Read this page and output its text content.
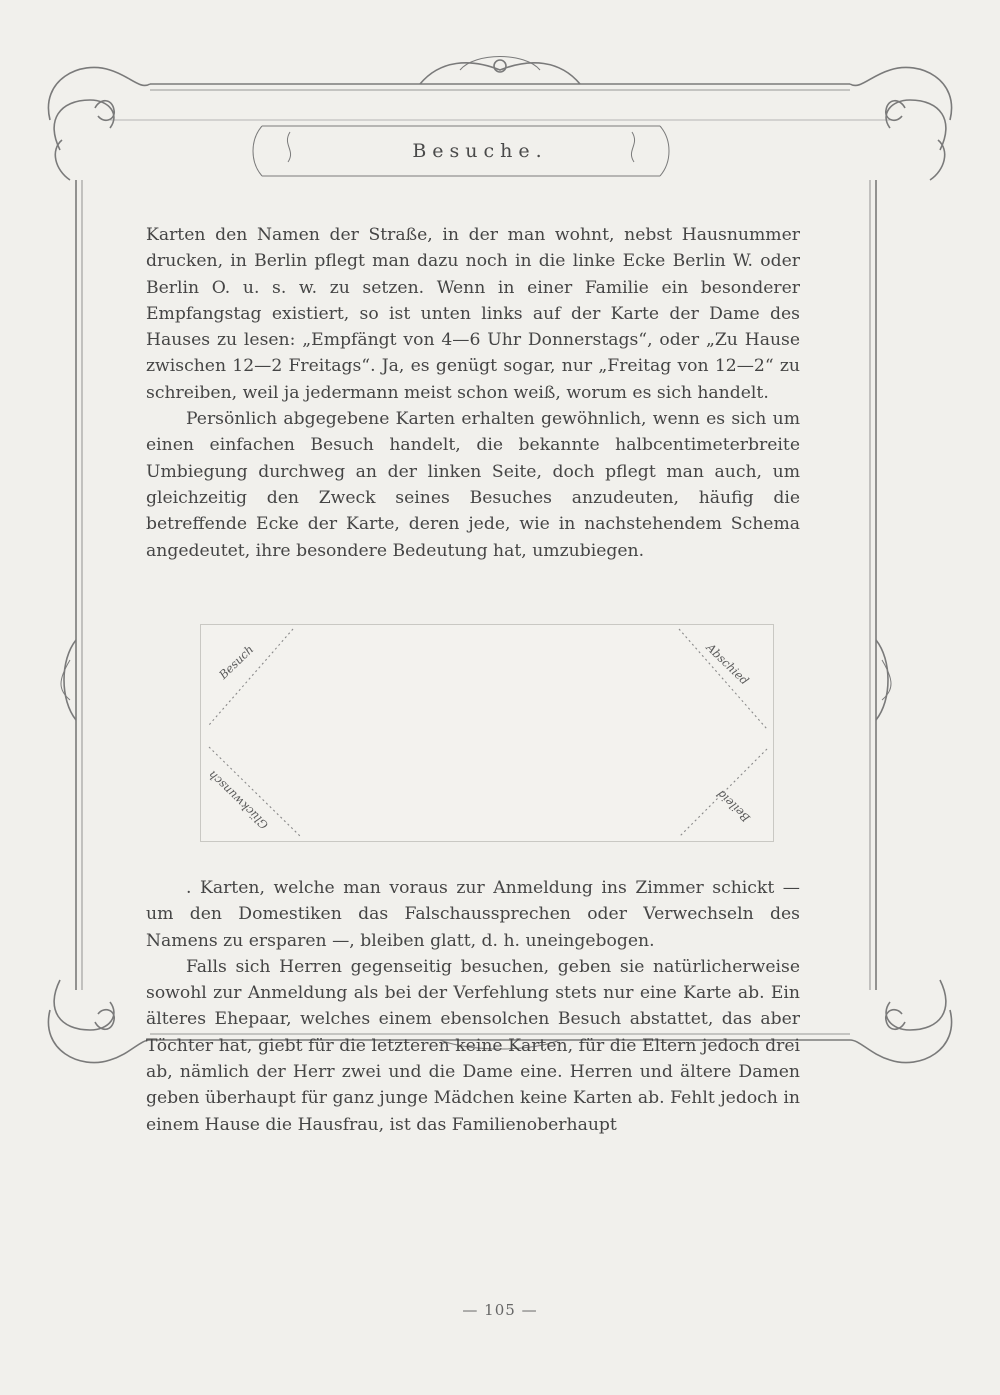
Besuche.

Karten den Namen der Straße, in der man wohnt, nebst Hausnummer drucken, in Berlin pflegt man dazu noch in die linke Ecke Berlin W. oder Berlin O. u. s. w. zu setzen. Wenn in einer Familie ein besonderer Empfangstag existiert, so ist unten links auf der Karte der Dame des Hauses zu lesen: „Empfängt von 4—6 Uhr Donnerstags“, oder „Zu Hause zwischen 12—2 Freitags“. Ja, es genügt sogar, nur „Freitag von 12—2“ zu schreiben, weil ja jedermann meist schon weiß, worum es sich handelt.

Persönlich abgegebene Karten erhalten gewöhnlich, wenn es sich um einen einfachen Besuch handelt, die bekannte halbcentimeterbreite Umbiegung durchweg an der linken Seite, doch pflegt man auch, um gleichzeitig den Zweck seines Besuches anzudeuten, häufig die betreffende Ecke der Karte, deren jede, wie in nachstehendem Schema angedeutet, ihre besondere Bedeutung hat, umzubiegen.

Besuch	Abschied
Glückwunsch	Beileid

. Karten, welche man voraus zur Anmeldung ins Zimmer schickt — um den Domestiken das Falschaussprechen oder Verwechseln des Namens zu ersparen —, bleiben glatt, d. h. uneingebogen.

Falls sich Herren gegenseitig besuchen, geben sie natürlicherweise sowohl zur Anmeldung als bei der Verfehlung stets nur eine Karte ab. Ein älteres Ehepaar, welches einem ebensolchen Besuch abstattet, das aber Töchter hat, giebt für die letzteren keine Karten, für die Eltern jedoch drei ab, nämlich der Herr zwei und die Dame eine. Herren und ältere Damen geben überhaupt für ganz junge Mädchen keine Karten ab. Fehlt jedoch in einem Hause die Hausfrau, ist das Familienoberhaupt

— 105 —
